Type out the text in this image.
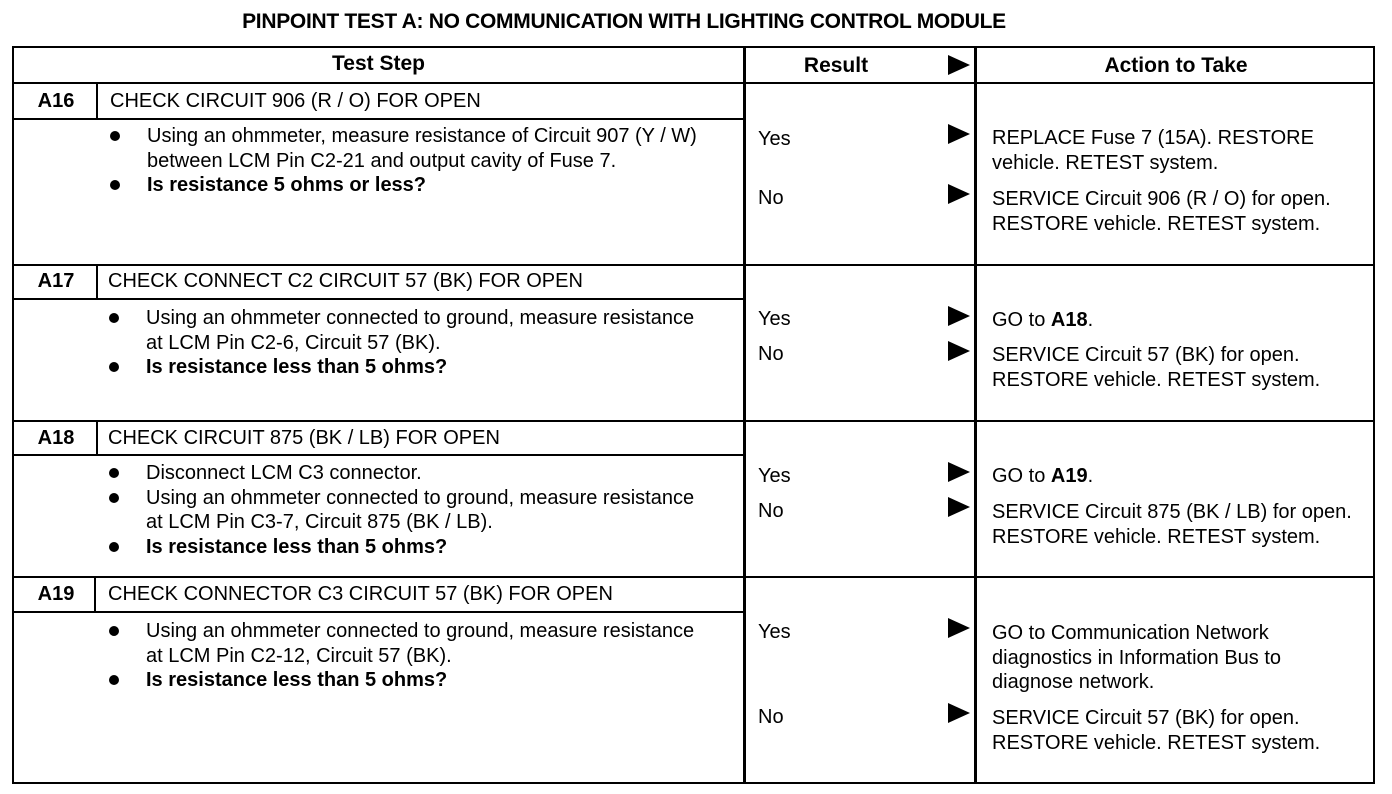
PINPOINT TEST A: NO COMMUNICATION WITH LIGHTING CONTROL MODULE
Test Step	Result	Action to Take
A16	CHECK CIRCUIT 906 (R / O) FOR OPEN
Using an ohmmeter, measure resistance of Circuit 907 (Y / W) between LCM Pin C2-21 and output cavity of Fuse 7.
Is resistance 5 ohms or less?
Yes	REPLACE Fuse 7 (15A). RESTORE vehicle. RETEST system.
No	SERVICE Circuit 906 (R / O) for open. RESTORE vehicle. RETEST system.
A17	CHECK CONNECT C2 CIRCUIT 57 (BK) FOR OPEN
Using an ohmmeter connected to ground, measure resistance at LCM Pin C2-6, Circuit 57 (BK).
Is resistance less than 5 ohms?
Yes	GO to A18.
No	SERVICE Circuit 57 (BK) for open. RESTORE vehicle. RETEST system.
A18	CHECK CIRCUIT 875 (BK / LB) FOR OPEN
Disconnect LCM C3 connector.
Using an ohmmeter connected to ground, measure resistance at LCM Pin C3-7, Circuit 875 (BK / LB).
Is resistance less than 5 ohms?
Yes	GO to A19.
No	SERVICE Circuit 875 (BK / LB) for open. RESTORE vehicle. RETEST system.
A19	CHECK CONNECTOR C3 CIRCUIT 57 (BK) FOR OPEN
Using an ohmmeter connected to ground, measure resistance at LCM Pin C2-12, Circuit 57 (BK).
Is resistance less than 5 ohms?
Yes	GO to Communication Network diagnostics in Information Bus to diagnose network.
No	SERVICE Circuit 57 (BK) for open. RESTORE vehicle. RETEST system.
